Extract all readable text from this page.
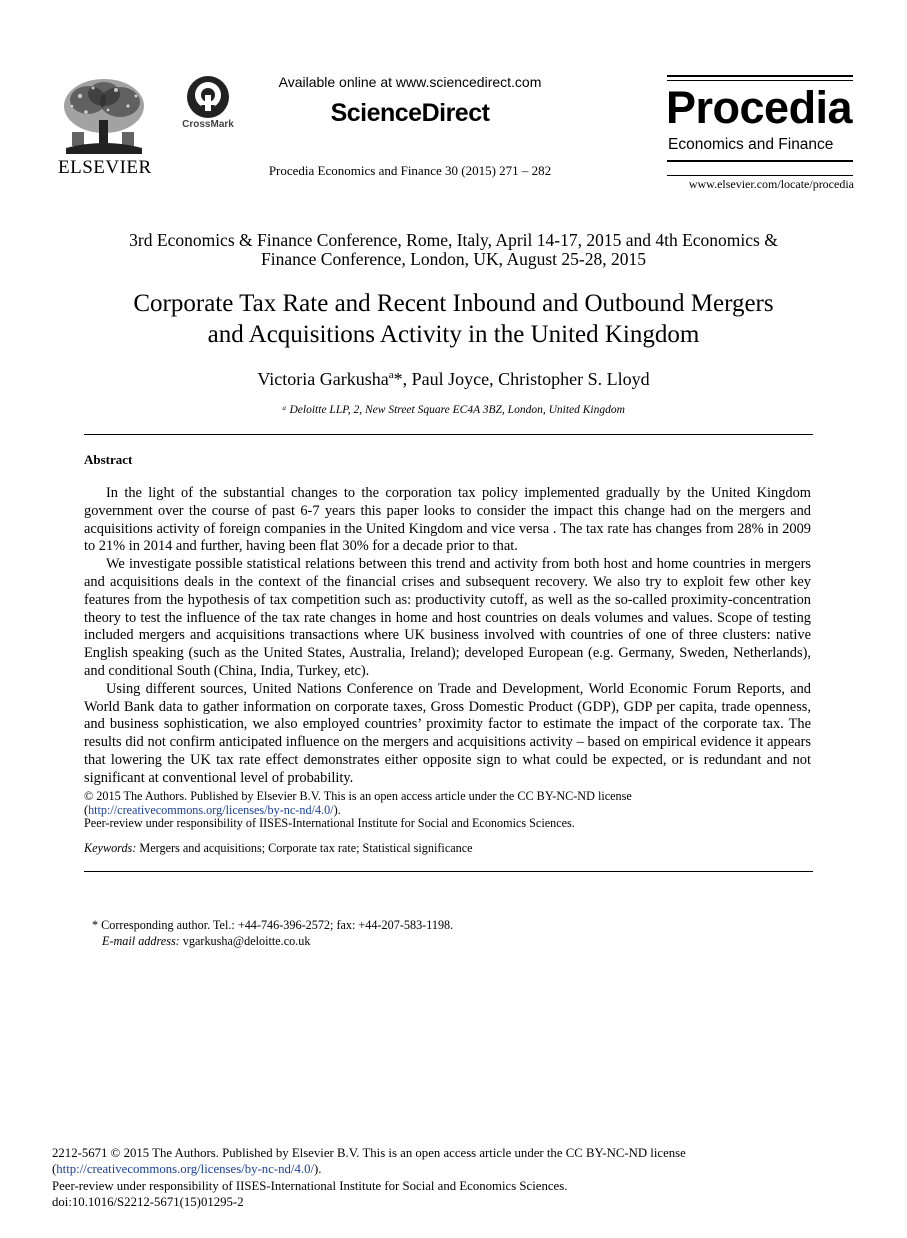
ELSEVIER
CrossMark
Available online at www.sciencedirect.com
ScienceDirect
Procedia Economics and Finance 30 (2015) 271 – 282
Procedia
Economics and Finance
www.elsevier.com/locate/procedia
3rd Economics & Finance Conference, Rome, Italy, April 14-17, 2015 and 4th Economics &
Finance Conference, London, UK, August 25-28, 2015
Corporate Tax Rate and Recent Inbound and Outbound Mergers
and Acquisitions Activity in the United Kingdom
Victoria Garkusha$^a$*, Paul Joyce, Christopher S. Lloyd
ᵃ Deloitte LLP, 2, New Street Square EC4A 3BZ, London, United Kingdom
Abstract

In the light of the substantial changes to the corporation tax policy implemented gradually by the United Kingdom government over the course of past 6-7 years this paper looks to consider the impact this change had on the mergers and acquisitions activity of foreign companies in the United Kingdom and vice versa . The tax rate has changes from 28% in 2009 to 21% in 2014 and further, having been flat 30% for a decade prior to that.

We investigate possible statistical relations between this trend and activity from both host and home countries in mergers and acquisitions deals in the context of the financial crises and subsequent recovery. We also try to exploit few other key features from the hypothesis of tax competition such as: productivity cutoff, as well as the so-called proximity-concentration theory to test the influence of the tax rate changes in home and host countries on deals volumes and values. Scope of testing included mergers and acquisitions transactions where UK business involved with countries of one of three clusters: native English speaking (such as the United States, Australia, Ireland); developed European (e.g. Germany, Sweden, Netherlands), and conditional South (China, India, Turkey, etc).

Using different sources, United Nations Conference on Trade and Development, World Economic Forum Reports, and World Bank data to gather information on corporate taxes, Gross Domestic Product (GDP), GDP per capita, trade openness, and business sophistication, we also employed countries’ proximity factor to estimate the impact of the corporate tax. The results did not confirm anticipated influence on the mergers and acquisitions activity – based on empirical evidence it appears that lowering the UK tax rate effect demonstrates either opposite sign to what could be expected, or is redundant and not significant at conventional level of probability.

© 2015 The Authors. Published by Elsevier B.V. This is an open access article under the CC BY-NC-ND license
(http://creativecommons.org/licenses/by-nc-nd/4.0/).
Peer-review under responsibility of IISES-International Institute for Social and Economics Sciences.
Keywords: Mergers and acquisitions; Corporate tax rate; Statistical significance
* Corresponding author. Tel.: +44-746-396-2572; fax: +44-207-583-1198.
E-mail address: vgarkusha@deloitte.co.uk
2212-5671 © 2015 The Authors. Published by Elsevier B.V. This is an open access article under the CC BY-NC-ND license
(http://creativecommons.org/licenses/by-nc-nd/4.0/).
Peer-review under responsibility of IISES-International Institute for Social and Economics Sciences.
doi:10.1016/S2212-5671(15)01295-2
